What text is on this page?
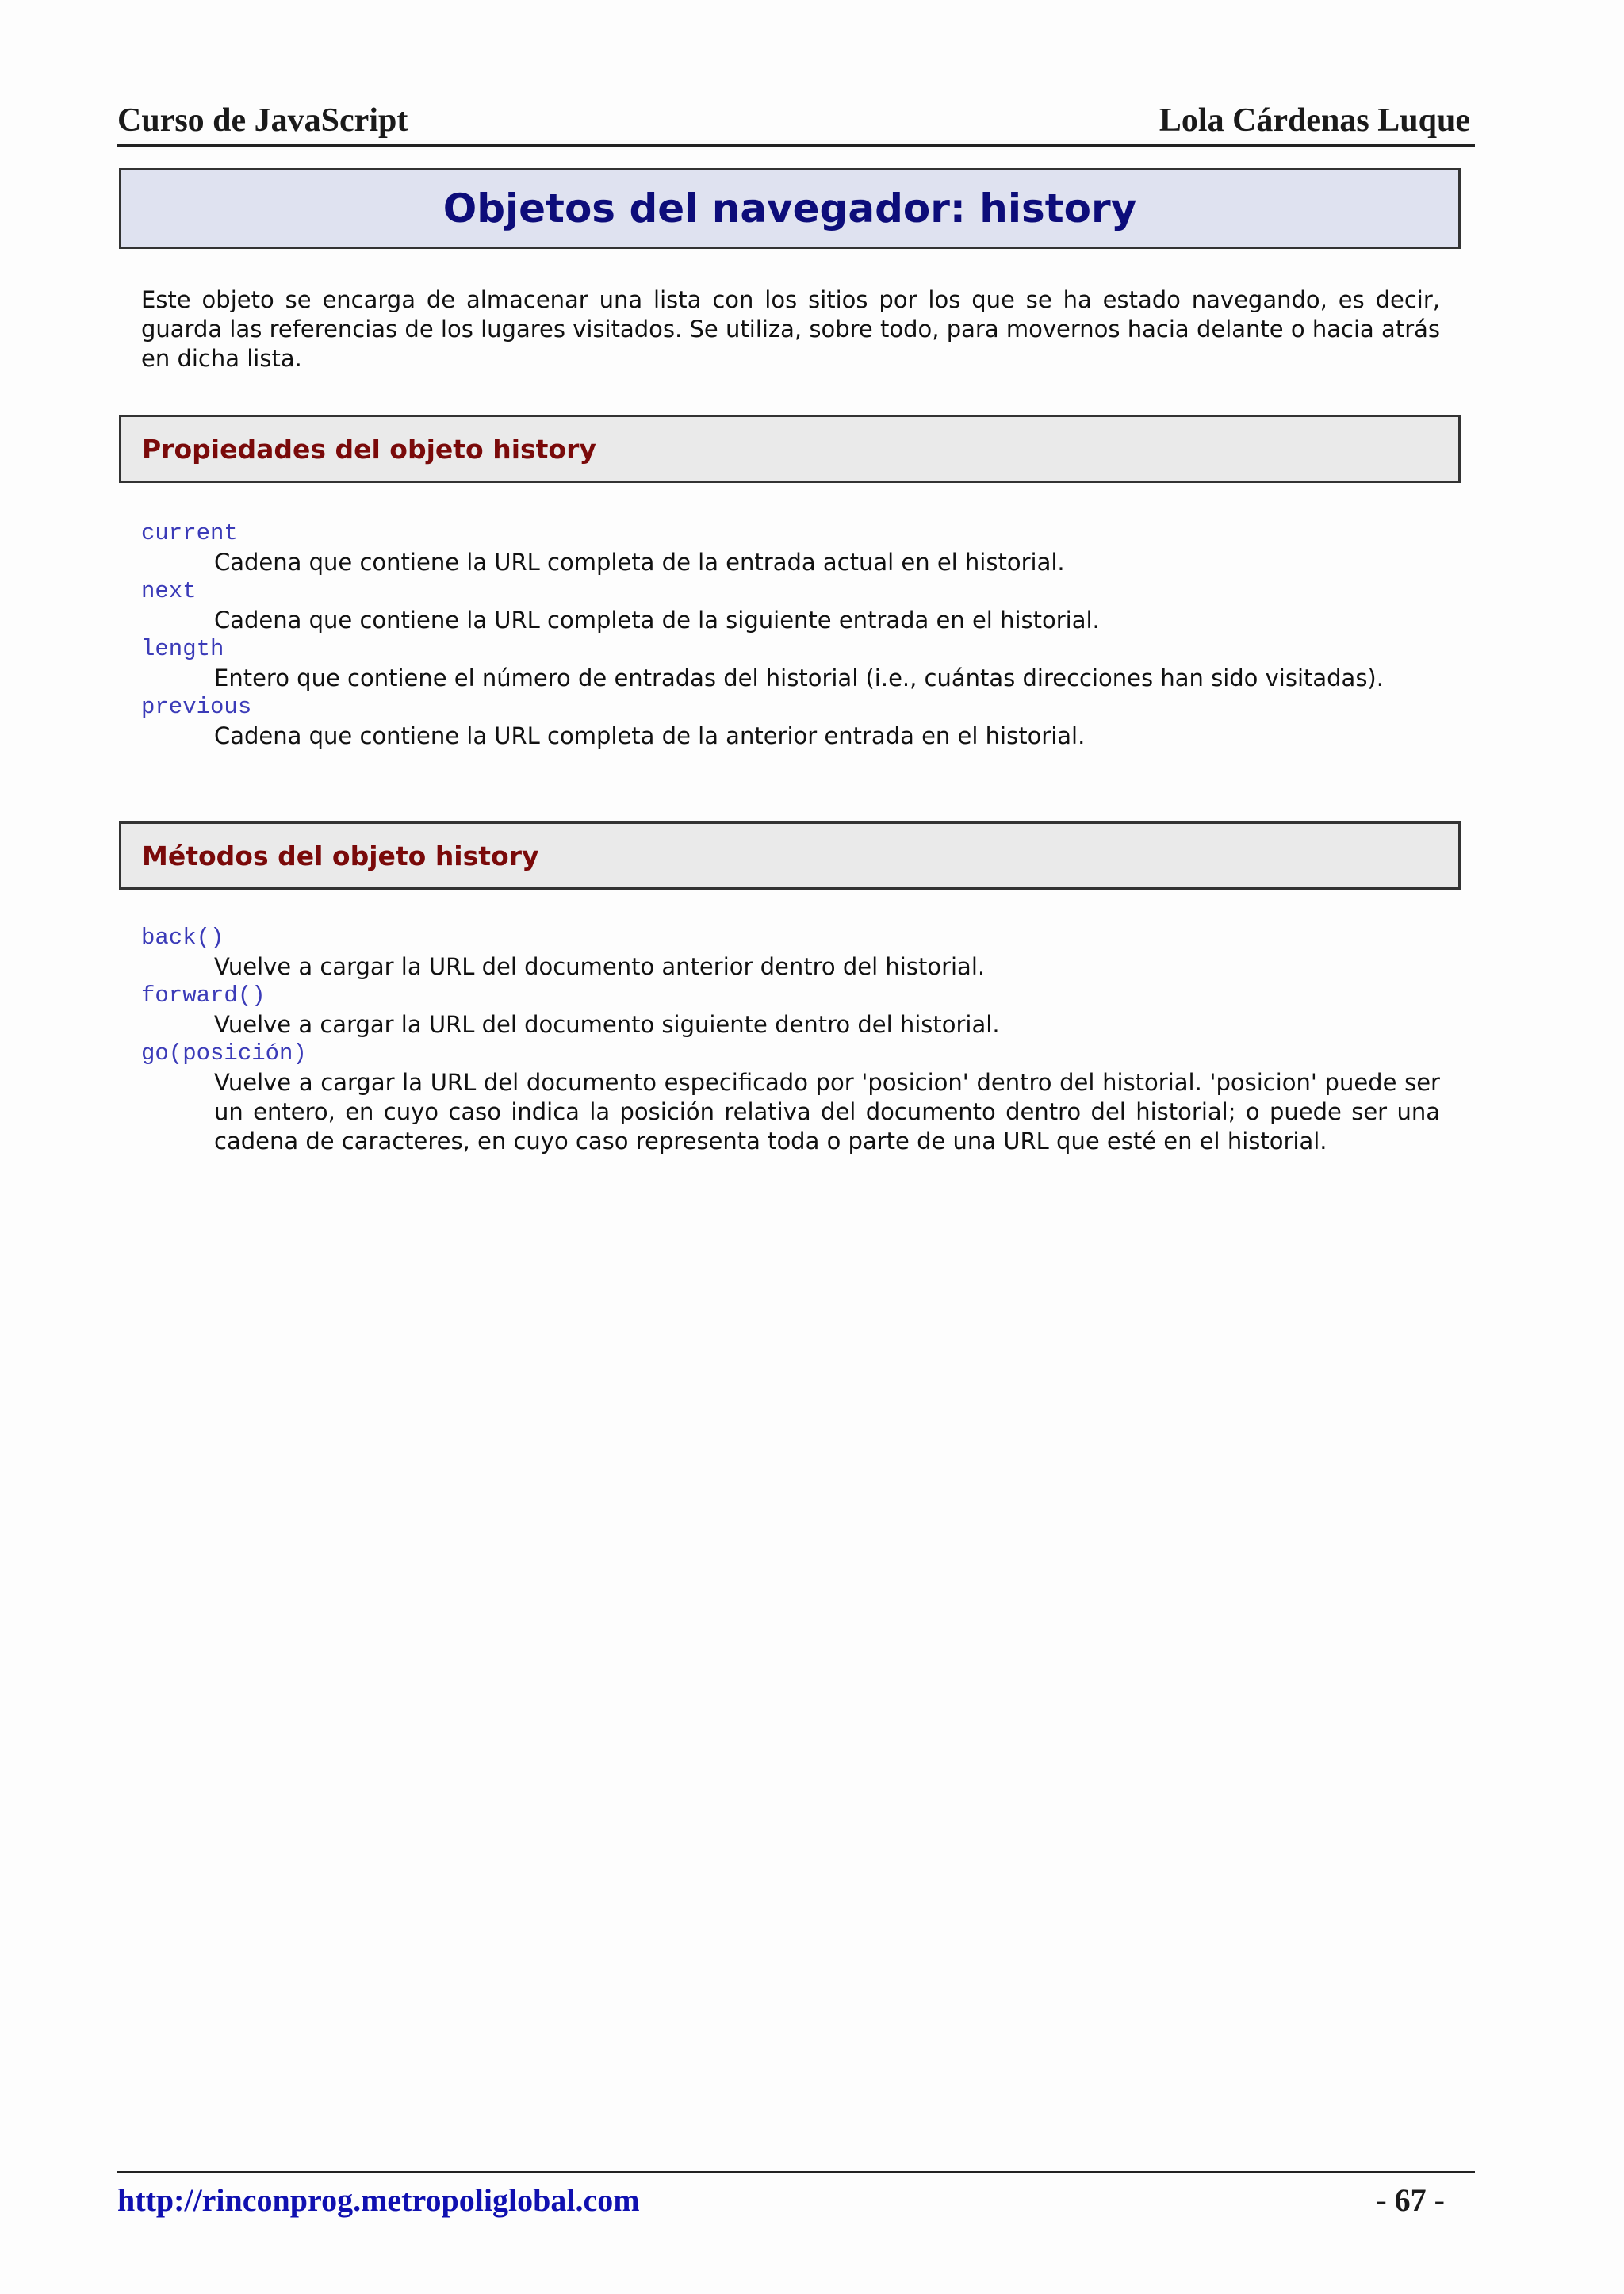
Curso de JavaScript	Lola Cárdenas Luque
Objetos del navegador: history

Este objeto se encarga de almacenar una lista con los sitios por los que se ha estado navegando, es decir, guarda las referencias de los lugares visitados. Se utiliza, sobre todo, para movernos hacia delante o hacia atrás en dicha lista.

Propiedades del objeto history
current
Cadena que contiene la URL completa de la entrada actual en el historial.
next
Cadena que contiene la URL completa de la siguiente entrada en el historial.
length
Entero que contiene el número de entradas del historial (i.e., cuántas direcciones han sido visitadas).
previous
Cadena que contiene la URL completa de la anterior entrada en el historial.
Métodos del objeto history
back()
Vuelve a cargar la URL del documento anterior dentro del historial.
forward()
Vuelve a cargar la URL del documento siguiente dentro del historial.
go(posición)
Vuelve a cargar la URL del documento especificado por 'posicion' dentro del historial. 'posicion' puede ser un entero, en cuyo caso indica la posición relativa del documento dentro del historial; o puede ser una cadena de caracteres, en cuyo caso representa toda o parte de una URL que esté en el historial.
http://rinconprog.metropoliglobal.com	- 67 -
